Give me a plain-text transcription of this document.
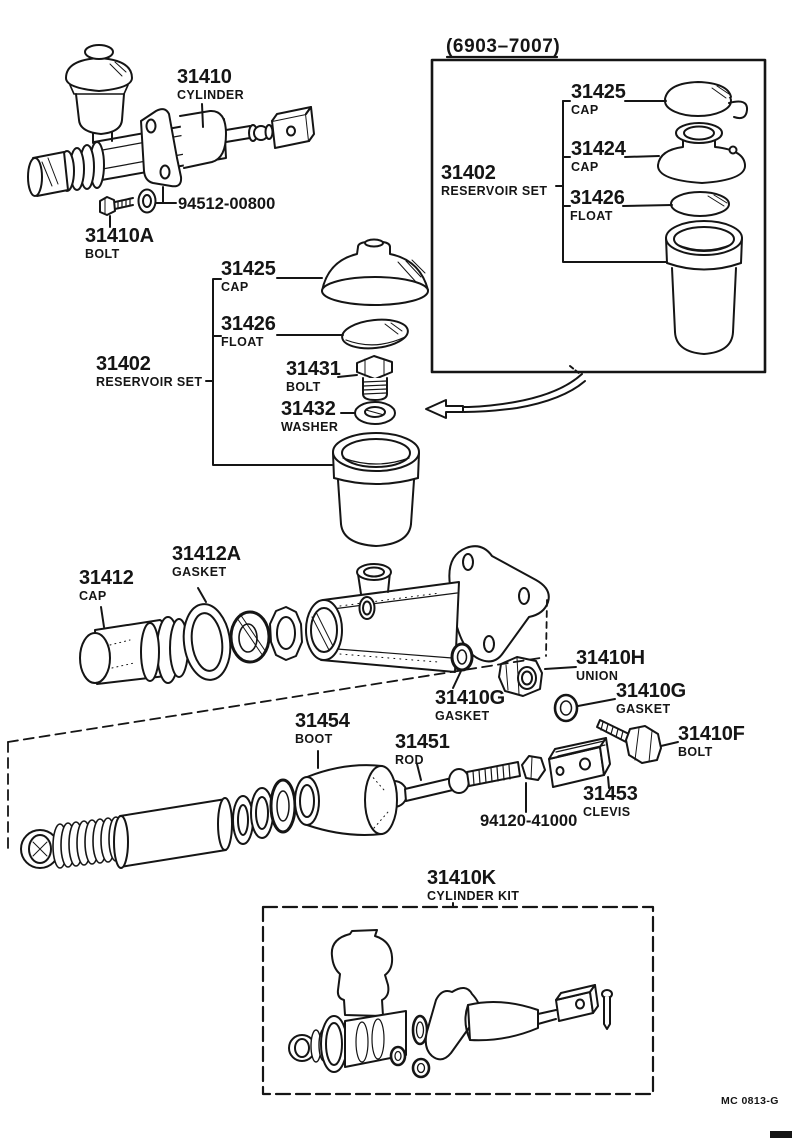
31410
CYLINDER
94512-00800
31410A
BOLT
(6903–7007)
31402
RESERVOIR SET
31425
CAP
31424
CAP
31426
FLOAT
31425
CAP
31426
FLOAT
31402
RESERVOIR SET
31431
BOLT
31432
WASHER
31412A
GASKET
31412
CAP
31410H
UNION
31410G
GASKET
31410G
GASKET
31410F
BOLT
31454
BOOT	31451
ROD
94120-41000
31453
CLEVIS
31410K
CYLINDER KIT
MC 0813-G
